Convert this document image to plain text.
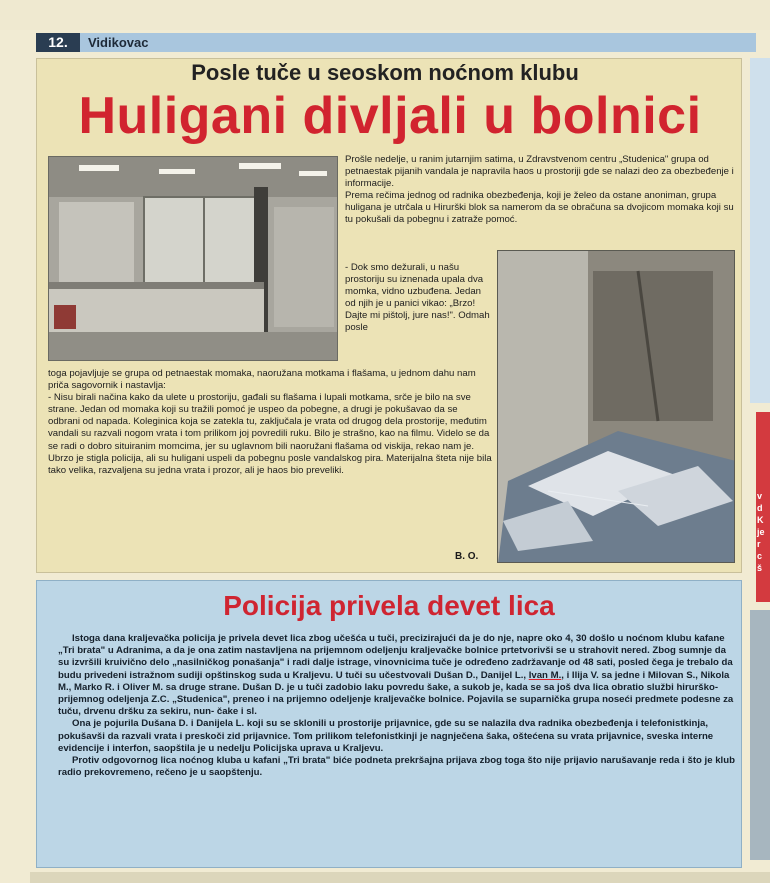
12.	Vidikovac
Posle tuče u seoskom noćnom klubu
Huligani divljali u bolnici

Prošle nedelje, u ranim jutarnjim satima, u Zdravstvenom centru „Studenica" grupa od petnaestak pijanih vandala je napravila haos u prostoriji gde se nalazi deo za obezbeđenje i informacije.

Prema rečima jednog od radnika obezbeđenja, koji je želeo da ostane anoniman, grupa huligana je utrčala u Hirurški blok sa namerom da se obračuna sa dvojicom momaka koji su tu pokušali da pobegnu i zatraže pomoć.

- Dok smo dežurali, u našu prostoriju su iznenada upala dva momka, vidno uzbuđena. Jedan od njih je u panici vikao: „Brzo! Dajte mi pištolj, jure nas!". Odmah posle

toga pojavljuje se grupa od petnaestak momaka, naoružana motkama i flašama, u jednom dahu nam priča sagovornik i nastavlja:

- Nisu birali načina kako da ulete u prostoriju, gađali su flašama i lupali motkama, srče je bilo na sve strane. Jedan od momaka koji su tražili pomoć je uspeo da pobegne, a drugi je pokušavao da se odbrani od napada. Koleginica koja se zatekla tu, zaključala je vrata od drugog dela prostorije, međutim vandali su razvali nogom vrata i tom prilikom joj povredili ruku. Bilo je strašno, kao na filmu. Videlo se da se radi o dobro situiranim momcima, jer su uglavnom bili naoružani flašama od viskija, rekao nam je.

Ubrzo je stigla policija, ali su huligani uspeli da pobegnu posle vandalskog pira. Materijalna šteta nije bila tako velika, razvaljena su jedna vrata i prozor, ali je haos bio preveliki.

B. O.
Policija privela devet lica

Istoga dana kraljevačka policija je privela devet lica zbog učešća u tuči, precizirajući da je do nje, napre oko 4, 30 došlo u noćnom klubu kafane „Tri brata" u Adranima, a da je ona zatim nastavljena na prijemnom odeljenju kraljevačke bolnice prtetvorivši se u strahovit nered. Zbog sumnje da su izvršili kruivično delo „nasilničkog ponašanja" i radi dalje istrage, vinovnicima tuče je određeno zadržavanje od 48 sati, posled čega je trebalo da budu privedeni istražnom sudiji opštinskog suda u Kraljevu. U tuči su učestvovali Dušan D., Danijel L., Ivan M., i Ilija V. sa jedne i Milovan S., Nikola M., Marko R. i Oliver M. sa druge strane. Dušan D. je u tuči zadobio laku povredu šake, a sukob je, kada se sa još dva lica obratio službi hirurško- prijemnog odeljenja Z.C. „Studenica", preneo i na prijemno odeljenje kraljevačke bolnice. Pojavila se suparnička grupa noseći predmete podesne za tuču, drvenu dršku za sekiru, nun- čake i sl.

Ona je pojurila Dušana D. i Danijela L. koji su se sklonili u prostorije prijavnice, gde su se nalazila dva radnika obezbeđenja i telefonistkinja, pokušavši da razvali vrata i preskoči zid prijavnice. Tom prilikom telefonistkinji je nagnječena šaka, oštećena su vrata prijavnice, sveska interne evidencije i interfon, saopštila je u nedelju Policijska uprava u Kraljevu.

Protiv odgovornog lica noćnog kluba u kafani „Tri brata" biće podneta prekršajna prijava zbog toga što nije prijavio narušavanje reda i što je klub radio prekovremeno, rečeno je u saopštenju.

v
d
K
je
r
c
š
